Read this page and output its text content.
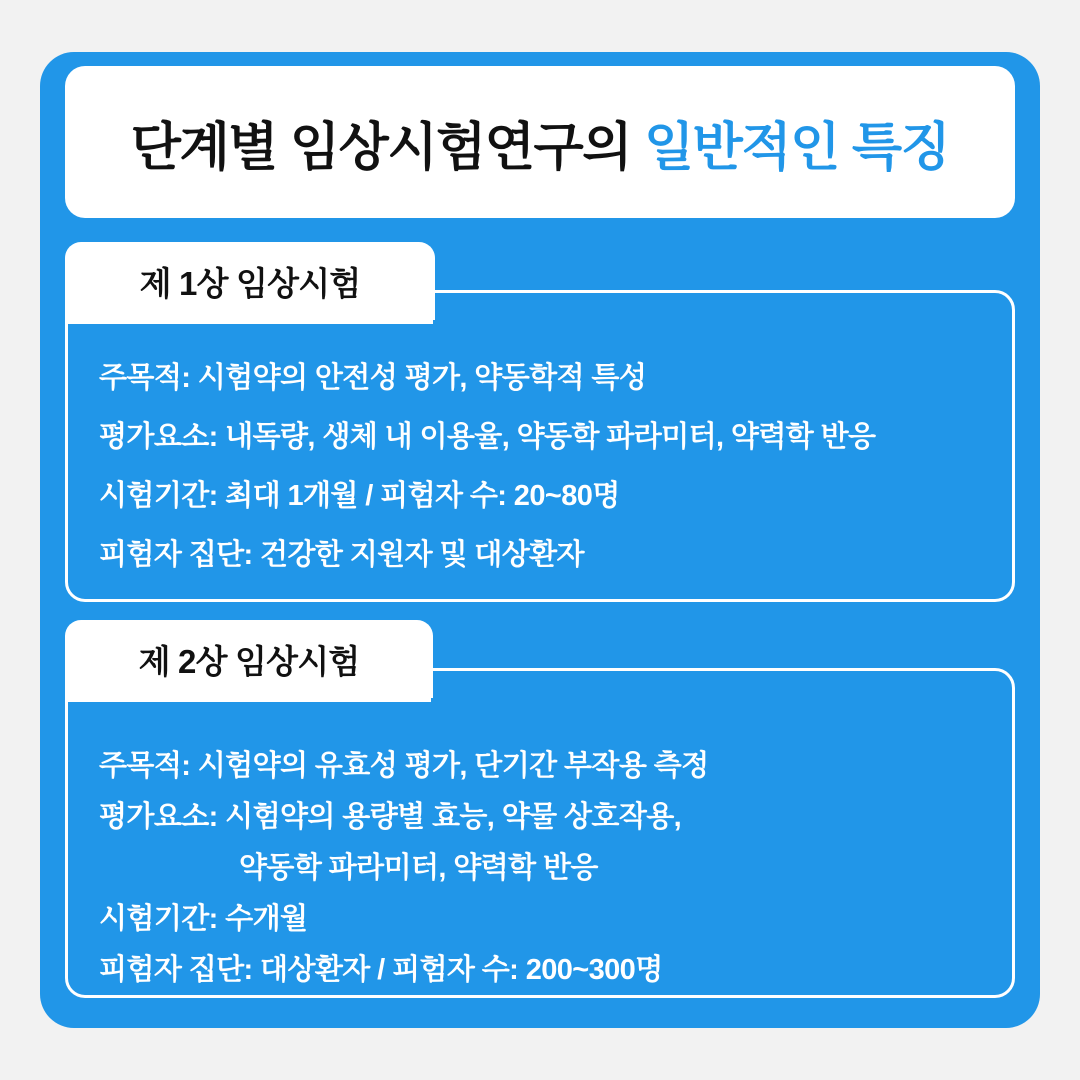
단계별 임상시험연구의 일반적인 특징
제 1상 임상시험
주목적: 시험약의 안전성 평가, 약동학적 특성
평가요소: 내독량, 생체 내 이용율, 약동학 파라미터, 약력학 반응
시험기간: 최대 1개월 / 피험자 수: 20~80명
피험자 집단: 건강한 지원자 및 대상환자
제 2상 임상시험
주목적: 시험약의 유효성 평가, 단기간 부작용 측정
평가요소: 시험약의 용량별 효능, 약물 상호작용,
약동학 파라미터, 약력학 반응
시험기간: 수개월
피험자 집단: 대상환자 / 피험자 수: 200~300명
